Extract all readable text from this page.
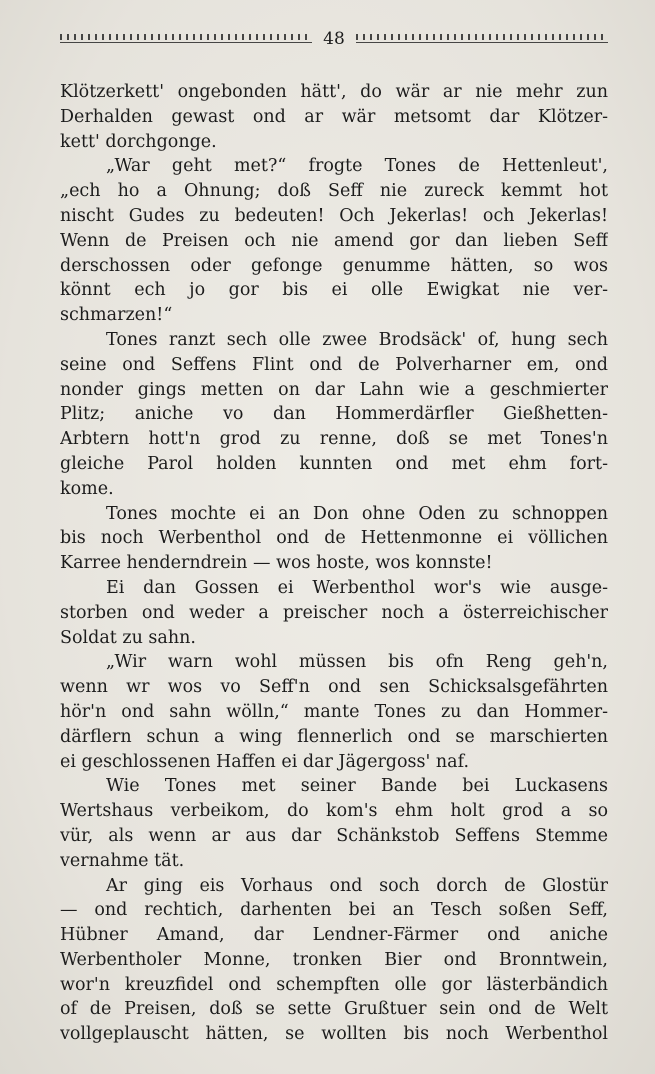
48
Klötzerkett' ongebonden hätt', do wär ar nie mehr zun
Derhalden gewast ond ar wär metsomt dar Klötzer-
kett' dorchgonge.
„War geht met?“ frogte Tones de Hettenleut',
„ech ho a Ohnung; doß Seff nie zureck kemmt hot
nischt Gudes zu bedeuten! Och Jekerlas! och Jekerlas!
Wenn de Preisen och nie amend gor dan lieben Seff
derschossen oder gefonge genumme hätten, so wos
könnt ech jo gor bis ei olle Ewigkat nie ver-
schmarzen!“
Tones ranzt sech olle zwee Brodsäck' of, hung sech
seine ond Seffens Flint ond de Polverharner em, ond
nonder gings metten on dar Lahn wie a geschmierter
Plitz; aniche vo dan Hommerdärfler Gießhetten-
Arbtern hott'n grod zu renne, doß se met Tones'n
gleiche Parol holden kunnten ond met ehm fort-
kome.
Tones mochte ei an Don ohne Oden zu schnoppen
bis noch Werbenthol ond de Hettenmonne ei völlichen
Karree henderndrein — wos hoste, wos konnste!
Ei dan Gossen ei Werbenthol wor's wie ausge-
storben ond weder a preischer noch a österreichischer
Soldat zu sahn.
„Wir warn wohl müssen bis ofn Reng geh'n,
wenn wr wos vo Seff'n ond sen Schicksalsgefährten
hör'n ond sahn wölln,“ mante Tones zu dan Hommer-
därflern schun a wing flennerlich ond se marschierten
ei geschlossenen Haffen ei dar Jägergoss' naf.
Wie Tones met seiner Bande bei Luckasens
Wertshaus verbeikom, do kom's ehm holt grod a so
vür, als wenn ar aus dar Schänkstob Seffens Stemme
vernahme tät.
Ar ging eis Vorhaus ond soch dorch de Glostür
— ond rechtich, darhenten bei an Tesch soßen Seff,
Hübner Amand, dar Lendner-Färmer ond aniche
Werbentholer Monne, tronken Bier ond Bronntwein,
wor'n kreuzfidel ond schempften olle gor lästerbändich
of de Preisen, doß se sette Grußtuer sein ond de Welt
vollgeplauscht hätten, se wollten bis noch Werbenthol
